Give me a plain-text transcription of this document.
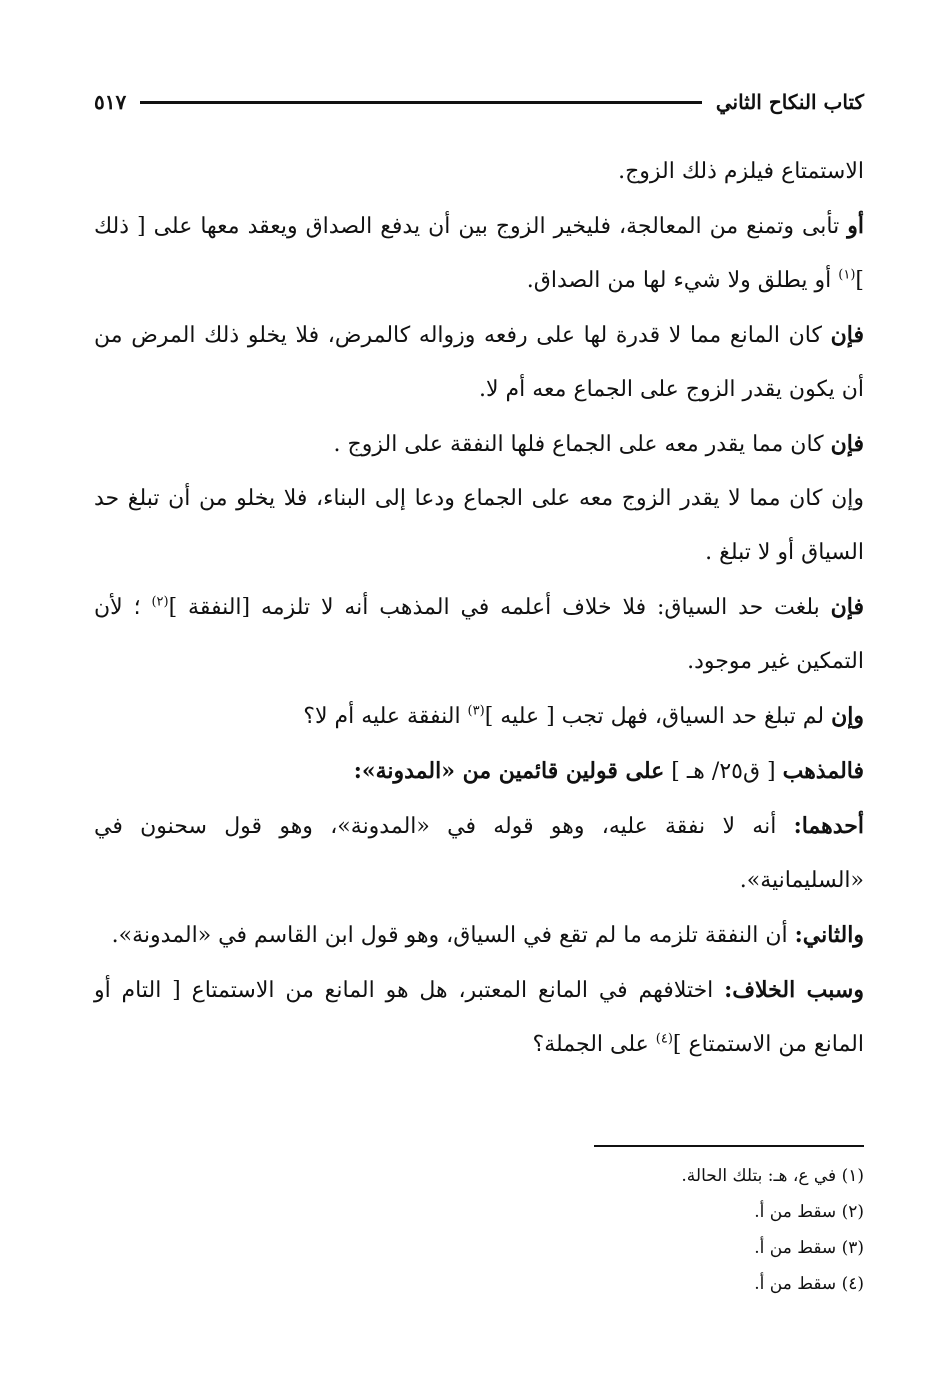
كتاب النكاح الثاني
٥١٧

الاستمتاع فيلزم ذلك الزوج.

أو تأبى وتمنع من المعالجة، فليخير الزوج بين أن يدفع الصداق ويعقد معها على [ ذلك ]$^{(١)}$ أو يطلق ولا شيء لها من الصداق.

فإن كان المانع مما لا قدرة لها على رفعه وزواله كالمرض، فلا يخلو ذلك المرض من أن يكون يقدر الزوج على الجماع معه أم لا.

فإن كان مما يقدر معه على الجماع فلها النفقة على الزوج .

وإن كان مما لا يقدر الزوج معه على الجماع ودعا إلى البناء، فلا يخلو من أن تبلغ حد السياق أو لا تبلغ .

فإن بلغت حد السياق: فلا خلاف أعلمه في المذهب أنه لا تلزمه [النفقة ]$^{(٢)}$ ؛ لأن التمكين غير موجود.

وإن لم تبلغ حد السياق، فهل تجب [ عليه ]$^{(٣)}$ النفقة عليه أم لا؟

فالمذهب [ ق٢٥/ هـ ] على قولين قائمين من «المدونة»:

أحدهما: أنه لا نفقة عليه، وهو قوله في «المدونة»، وهو قول سحنون في «السليمانية».

والثاني: أن النفقة تلزمه ما لم تقع في السياق، وهو قول ابن القاسم في «المدونة».

وسبب الخلاف: اختلافهم في المانع المعتبر، هل هو المانع من الاستمتاع [ التام أو المانع من الاستمتاع ]$^{(٤)}$ على الجملة؟

(١) في ع، هـ: بتلك الحالة.

(٢) سقط من أ.

(٣) سقط من أ.

(٤) سقط من أ.
